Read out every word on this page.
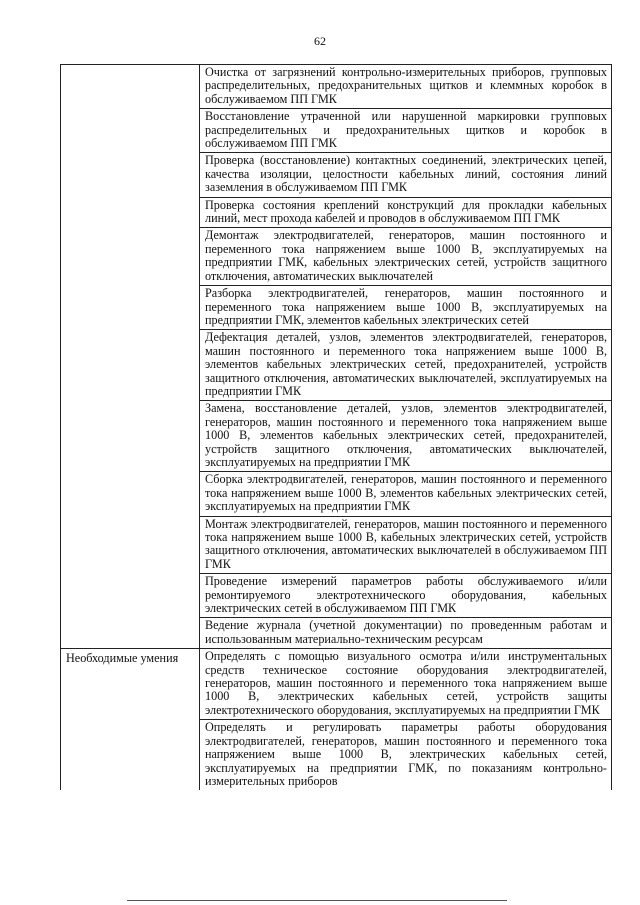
62
	Очистка от загрязнений контрольно-измерительных приборов, групповых распределительных, предохранительных щитков и клеммных коробок в обслуживаемом ПП ГМК
	Восстановление утраченной или нарушенной маркировки групповых распределительных и предохранительных щитков и коробок в обслуживаемом ПП ГМК
	Проверка (восстановление) контактных соединений, электрических цепей, качества изоляции, целостности кабельных линий, состояния линий заземления в обслуживаемом ПП ГМК
	Проверка состояния креплений конструкций для прокладки кабельных линий, мест прохода кабелей и проводов в обслуживаемом ПП ГМК
	Демонтаж электродвигателей, генераторов, машин постоянного и переменного тока напряжением выше 1000 В, эксплуатируемых на предприятии ГМК, кабельных электрических сетей, устройств защитного отключения, автоматических выключателей
	Разборка электродвигателей, генераторов, машин постоянного и переменного тока напряжением выше 1000 В, эксплуатируемых на предприятии ГМК, элементов кабельных электрических сетей
	Дефектация деталей, узлов, элементов электродвигателей, генераторов, машин постоянного и переменного тока напряжением выше 1000 В, элементов кабельных электрических сетей, предохранителей, устройств защитного отключения, автоматических выключателей, эксплуатируемых на предприятии ГМК
	Замена, восстановление деталей, узлов, элементов электродвигателей, генераторов, машин постоянного и переменного тока напряжением выше 1000 В, элементов кабельных электрических сетей, предохранителей, устройств защитного отключения, автоматических выключателей, эксплуатируемых на предприятии ГМК
	Сборка электродвигателей, генераторов, машин постоянного и переменного тока напряжением выше 1000 В, элементов кабельных электрических сетей, эксплуатируемых на предприятии ГМК
	Монтаж электродвигателей, генераторов, машин постоянного и переменного тока напряжением выше 1000 В, кабельных электрических сетей, устройств защитного отключения, автоматических выключателей в обслуживаемом ПП ГМК
	Проведение измерений параметров работы обслуживаемого и/или ремонтируемого электротехнического оборудования, кабельных электрических сетей в обслуживаемом ПП ГМК
	Ведение журнала (учетной документации) по проведенным работам и использованным материально-техническим ресурсам
Необходимые умения	Определять с помощью визуального осмотра и/или инструментальных средств техническое состояние оборудования электродвигателей, генераторов, машин постоянного и переменного тока напряжением выше 1000 В, электрических кабельных сетей, устройств защиты электротехнического оборудования, эксплуатируемых на предприятии ГМК
	Определять и регулировать параметры работы оборудования электродвигателей, генераторов, машин постоянного и переменного тока напряжением выше 1000 В, электрических кабельных сетей, эксплуатируемых на предприятии ГМК, по показаниям контрольно-измерительных приборов
